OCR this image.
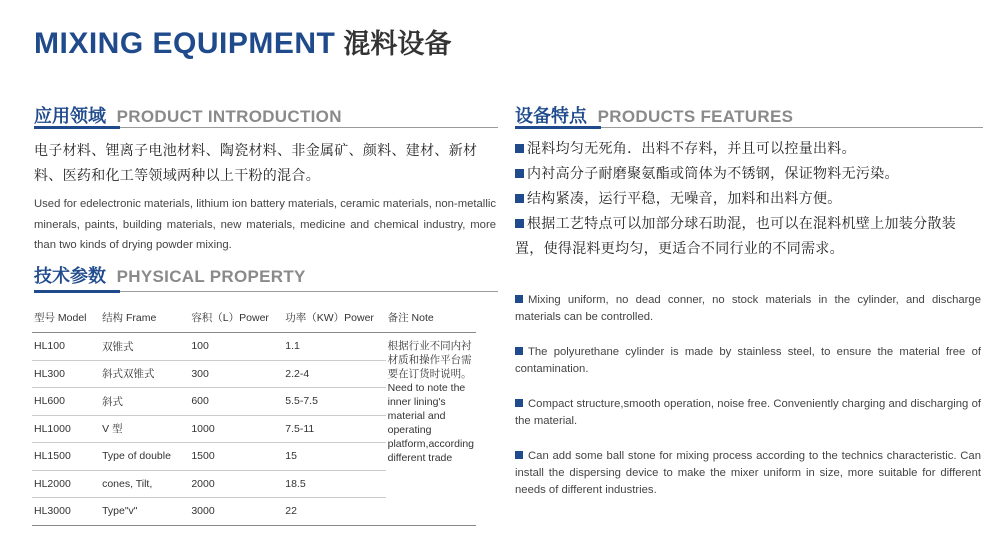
MIXING EQUIPMENT 混料设备
应用领域 PRODUCT INTRODUCTION

电子材料、锂离子电池材料、陶瓷材料、非金属矿、颜料、建材、新材料、医药和化工等领域两种以上干粉的混合。

Used for edelectronic materials, lithium ion battery materials, ceramic materials, non-metallic minerals, paints, building materials, new materials, medicine and chemical industry, more than two kinds of drying powder mixing.

技术参数 PHYSICAL PROPERTY
型号 Model	结构 Frame	容积（L）Power	功率（KW）Power	备注 Note
HL100	双锥式	100	1.1	根据行业不同内衬材质和操作平台需要在订货时说明。
Need to note the inner lining's material and operating platform,according different trade

HL300	斜式双锥式	300	2.2-4	
HL600	斜式	600	5.5-7.5	
HL1000	V 型	1000	7.5-11	
HL1500	Type of double	1500	15	
HL2000	cones, Tilt,	2000	18.5	
HL3000	Type"v"	3000	22	
设备特点 PRODUCTS FEATURES
混料均匀无死角．出料不存料，并且可以控量出料。
内衬高分子耐磨聚氨酯或筒体为不锈钢，保证物料无污染。
结构紧凑，运行平稳，无噪音，加料和出料方便。
根据工艺特点可以加部分球石助混，也可以在混料机壁上加装分散装置，使得混料更均匀，更适合不同行业的不同需求。
Mixing uniform, no dead conner, no stock materials in the cylinder, and discharge materials can be controlled.
The polyurethane cylinder is made by stainless steel, to ensure the material free of contamination.
Compact structure,smooth operation, noise free. Conveniently charging and discharging of the material.
Can add some ball stone for mixing process according to the technics characteristic. Can install the dispersing device to make the mixer uniform in size, more suitable for different needs of different industries.
